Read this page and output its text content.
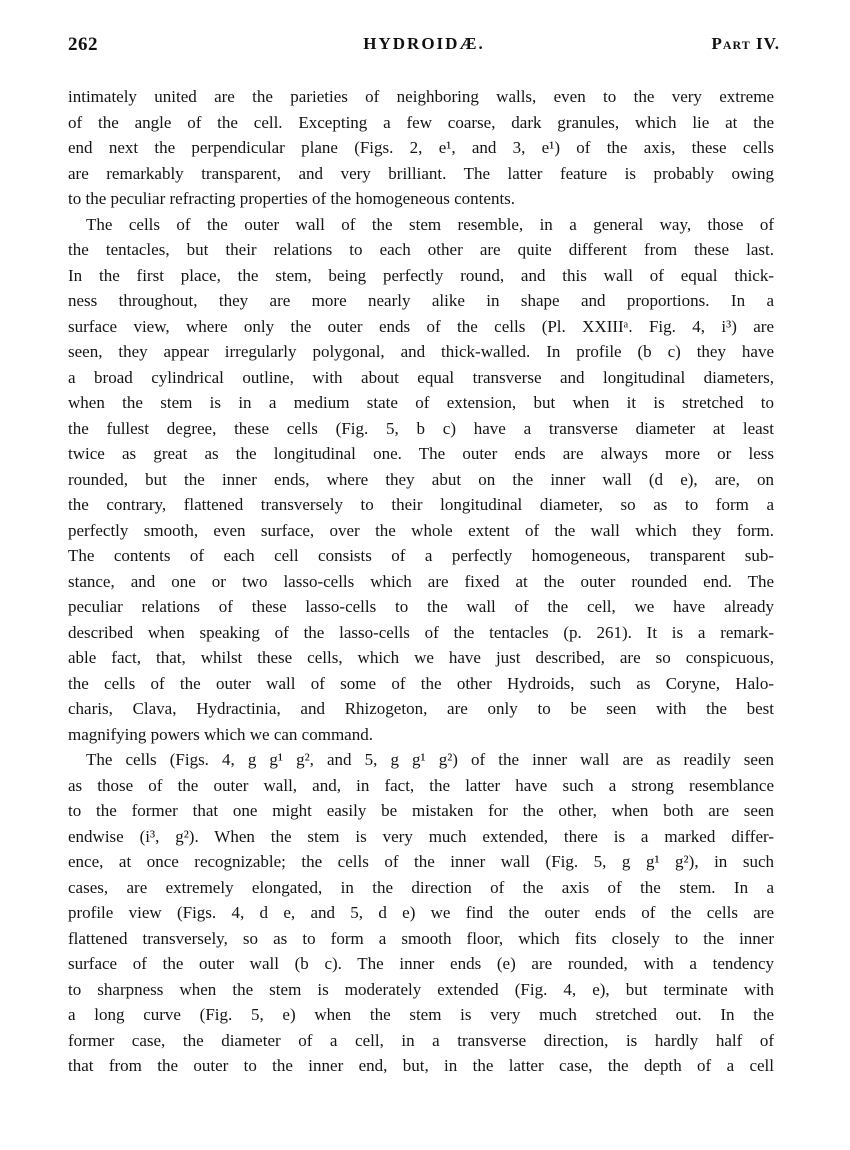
262	HYDROIDÆ.	Part IV.
intimately united are the parieties of neighboring walls, even to the very extreme
of the angle of the cell. Excepting a few coarse, dark granules, which lie at the
end next the perpendicular plane (Figs. 2, e¹, and 3, e¹) of the axis, these cells
are remarkably transparent, and very brilliant. The latter feature is probably owing
to the peculiar refracting properties of the homogeneous contents.
The cells of the outer wall of the stem resemble, in a general way, those of
the tentacles, but their relations to each other are quite different from these last.
In the first place, the stem, being perfectly round, and this wall of equal thick-
ness throughout, they are more nearly alike in shape and proportions. In a
surface view, where only the outer ends of the cells (Pl. XXIIIᵃ. Fig. 4, i³) are
seen, they appear irregularly polygonal, and thick-walled. In profile (b c) they have
a broad cylindrical outline, with about equal transverse and longitudinal diameters,
when the stem is in a medium state of extension, but when it is stretched to
the fullest degree, these cells (Fig. 5, b c) have a transverse diameter at least
twice as great as the longitudinal one. The outer ends are always more or less
rounded, but the inner ends, where they abut on the inner wall (d e), are, on
the contrary, flattened transversely to their longitudinal diameter, so as to form a
perfectly smooth, even surface, over the whole extent of the wall which they form.
The contents of each cell consists of a perfectly homogeneous, transparent sub-
stance, and one or two lasso-cells which are fixed at the outer rounded end. The
peculiar relations of these lasso-cells to the wall of the cell, we have already
described when speaking of the lasso-cells of the tentacles (p. 261). It is a remark-
able fact, that, whilst these cells, which we have just described, are so conspicuous,
the cells of the outer wall of some of the other Hydroids, such as Coryne, Halo-
charis, Clava, Hydractinia, and Rhizogeton, are only to be seen with the best
magnifying powers which we can command.
The cells (Figs. 4, g g¹ g², and 5, g g¹ g²) of the inner wall are as readily seen
as those of the outer wall, and, in fact, the latter have such a strong resemblance
to the former that one might easily be mistaken for the other, when both are seen
endwise (i³, g²). When the stem is very much extended, there is a marked differ-
ence, at once recognizable; the cells of the inner wall (Fig. 5, g g¹ g²), in such
cases, are extremely elongated, in the direction of the axis of the stem. In a
profile view (Figs. 4, d e, and 5, d e) we find the outer ends of the cells are
flattened transversely, so as to form a smooth floor, which fits closely to the inner
surface of the outer wall (b c). The inner ends (e) are rounded, with a tendency
to sharpness when the stem is moderately extended (Fig. 4, e), but terminate with
a long curve (Fig. 5, e) when the stem is very much stretched out. In the
former case, the diameter of a cell, in a transverse direction, is hardly half of
that from the outer to the inner end, but, in the latter case, the depth of a cell
